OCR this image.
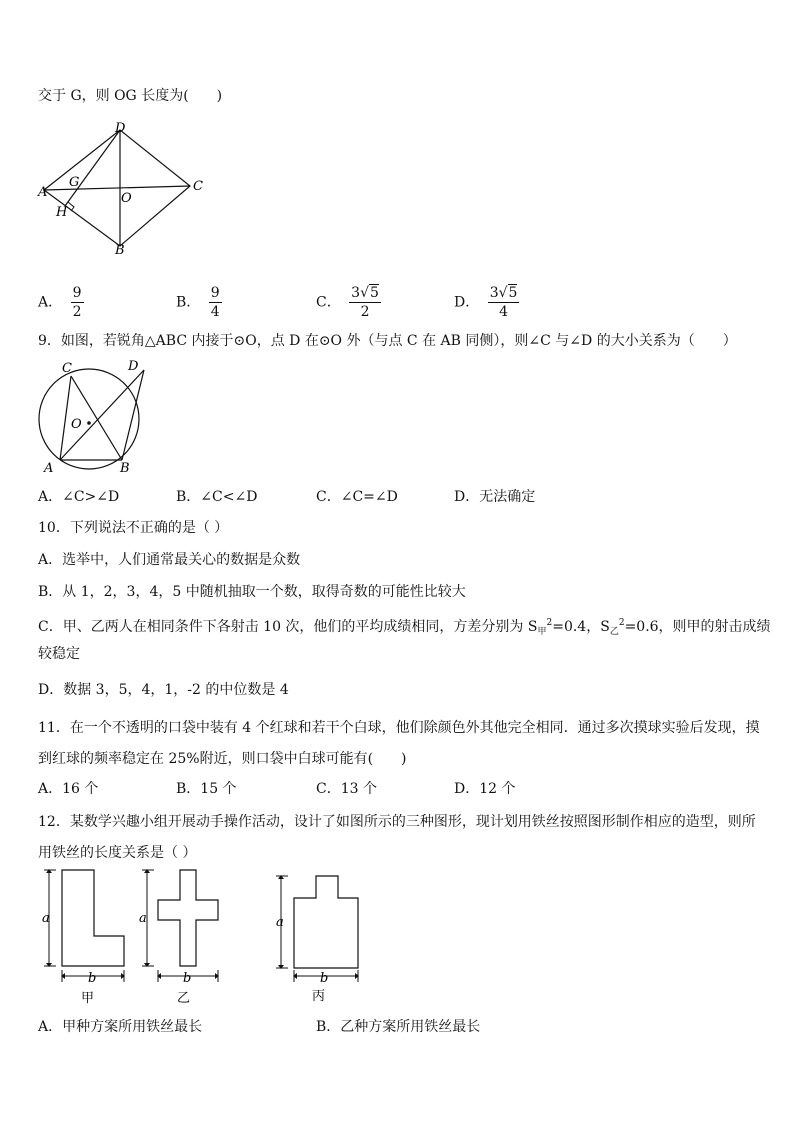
交于 G，则 OG 长度为(　　)
A
D
C
B
G
H
O
A． $\frac{9}{2}$	B． $\frac{9}{4}$	C． $\frac{3√5}{2}$	D． $\frac{3√5}{4}$
9．如图，若锐角△ABC 内接于⊙O，点 D 在⊙O 外（与点 C 在 AB 同侧），则∠C 与∠D 的大小关系为（　　）
C	D
O
A	B
A．∠C>∠D	B．∠C<∠D	C．∠C=∠D	D．无法确定
10．下列说法不正确的是（ ）
A．选举中，人们通常最关心的数据是众数
B．从 1，2，3，4，5 中随机抽取一个数，取得奇数的可能性比较大
C．甲、乙两人在相同条件下各射击 10 次，他们的平均成绩相同，方差分别为 $S_甲^2=0.4$，$S_乙^2=0.6$，则甲的射击成绩
较稳定
D．数据 3，5，4，1，-2 的中位数是 4
11．在一个不透明的口袋中装有 4 个红球和若干个白球，他们除颜色外其他完全相同．通过多次摸球实验后发现，摸
到红球的频率稳定在 25%附近，则口袋中白球可能有(　　)
A．16 个	B．15 个	C．13 个	D．12 个
12．某数学兴趣小组开展动手操作活动，设计了如图所示的三种图形，现计划用铁丝按照图形制作相应的造型，则所
用铁丝的长度关系是（ ）
a
b
甲
a
b
乙
a
b
丙
A．甲种方案所用铁丝最长	B．乙种方案所用铁丝最长
